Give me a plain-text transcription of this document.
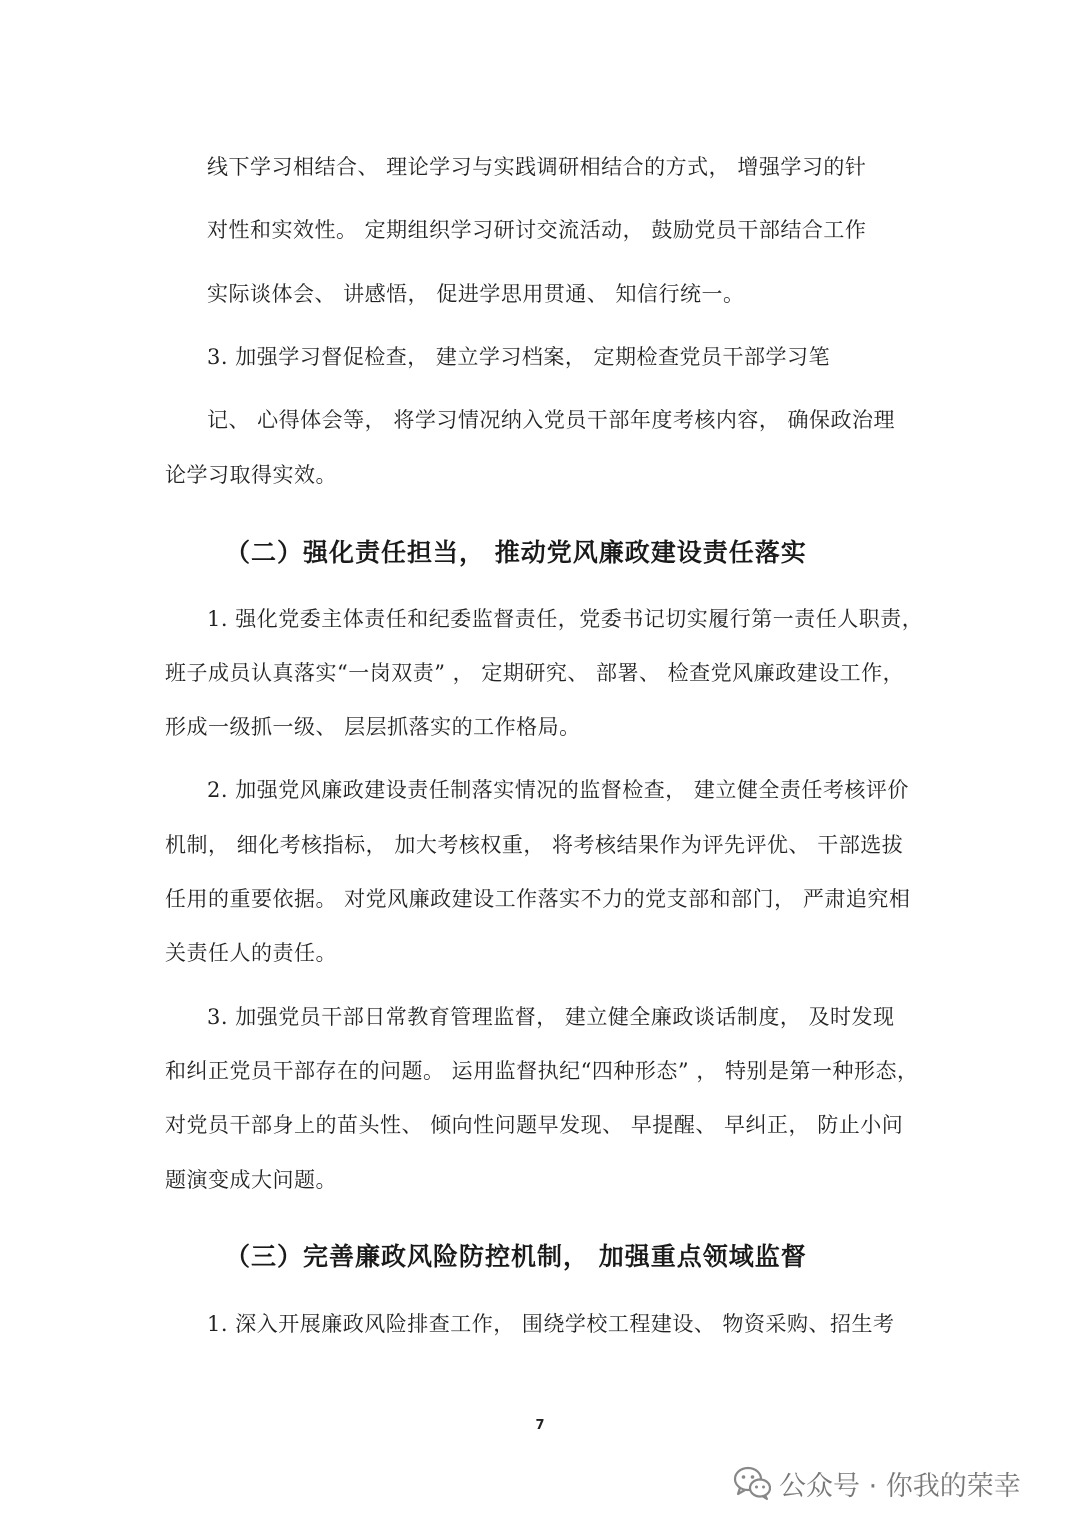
线下学习相结合、 理论学习与实践调研相结合的方式， 增强学习的针
对性和实效性。 定期组织学习研讨交流活动， 鼓励党员干部结合工作
实际谈体会、 讲感悟， 促进学思用贯通、 知信行统一。
3. 加强学习督促检查， 建立学习档案， 定期检查党员干部学习笔
记、 心得体会等， 将学习情况纳入党员干部年度考核内容， 确保政治理
论学习取得实效。
（二）强化责任担当， 推动党风廉政建设责任落实
1. 强化党委主体责任和纪委监督责任，党委书记切实履行第一责任人职责，
班子成员认真落实“一岗双责” ， 定期研究、 部署、 检查党风廉政建设工作，
形成一级抓一级、 层层抓落实的工作格局。
2. 加强党风廉政建设责任制落实情况的监督检查， 建立健全责任考核评价
机制， 细化考核指标， 加大考核权重， 将考核结果作为评先评优、 干部选拔
任用的重要依据。 对党风廉政建设工作落实不力的党支部和部门， 严肃追究相
关责任人的责任。
3. 加强党员干部日常教育管理监督， 建立健全廉政谈话制度， 及时发现
和纠正党员干部存在的问题。 运用监督执纪“四种形态” ， 特别是第一种形态，
对党员干部身上的苗头性、 倾向性问题早发现、 早提醒、 早纠正， 防止小问
题演变成大问题。
（三）完善廉政风险防控机制， 加强重点领域监督
1. 深入开展廉政风险排查工作， 围绕学校工程建设、 物资采购、招生考
7
公众号 · 你我的荣幸
